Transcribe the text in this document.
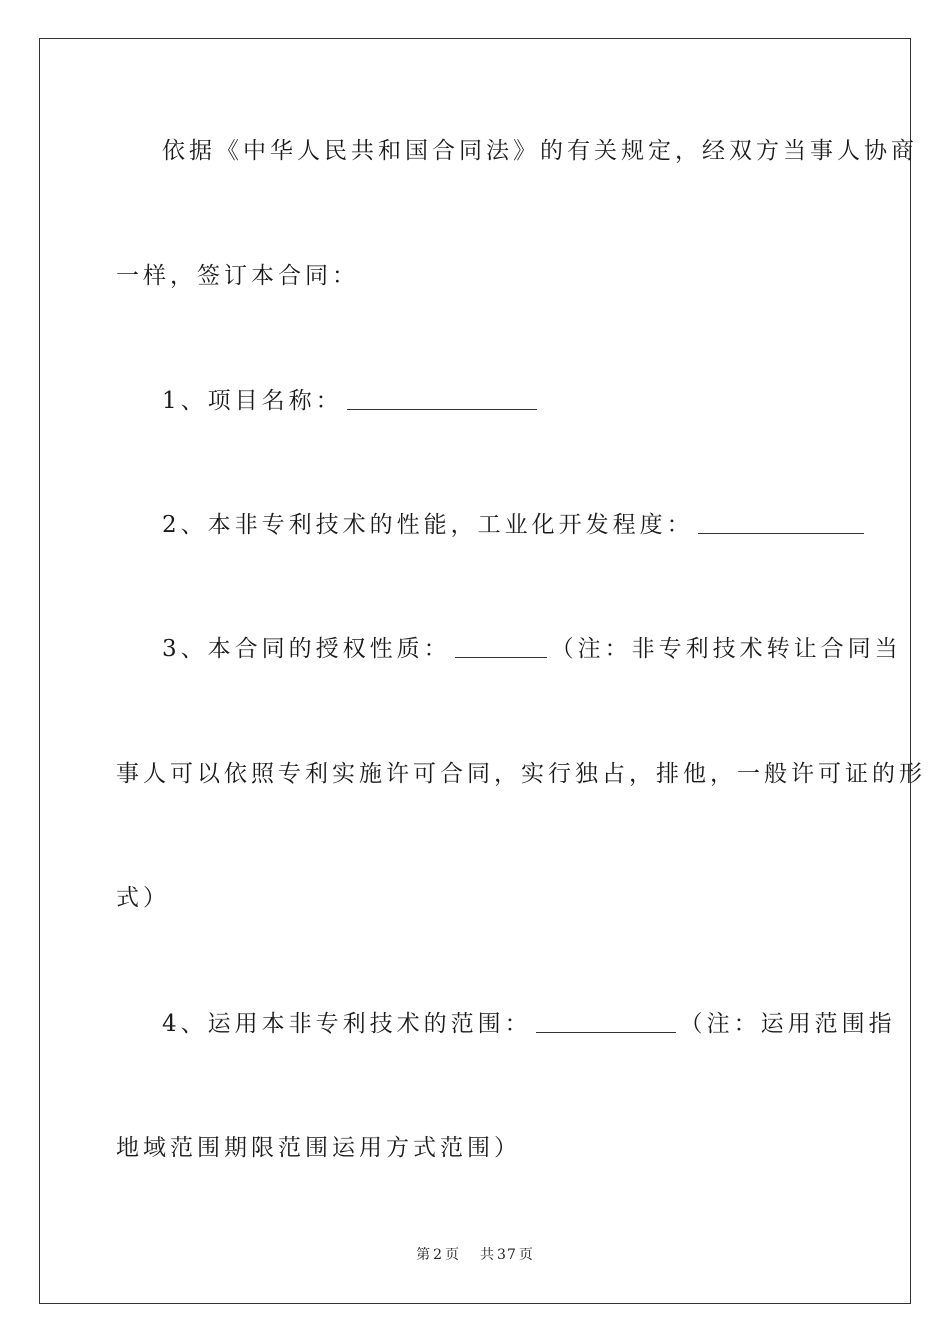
依据《中华人民共和国合同法》的有关规定，经双方当事人协商
一样，签订本合同：
1、项目名称：
2、本非专利技术的性能，工业化开发程度：
3、本合同的授权性质：	（注：非专利技术转让合同当
事人可以依照专利实施许可合同，实行独占，排他，一般许可证的形
式）
4、运用本非专利技术的范围：	（注：运用范围指
地域范围期限范围运用方式范围）
第 2 页 共 37 页
